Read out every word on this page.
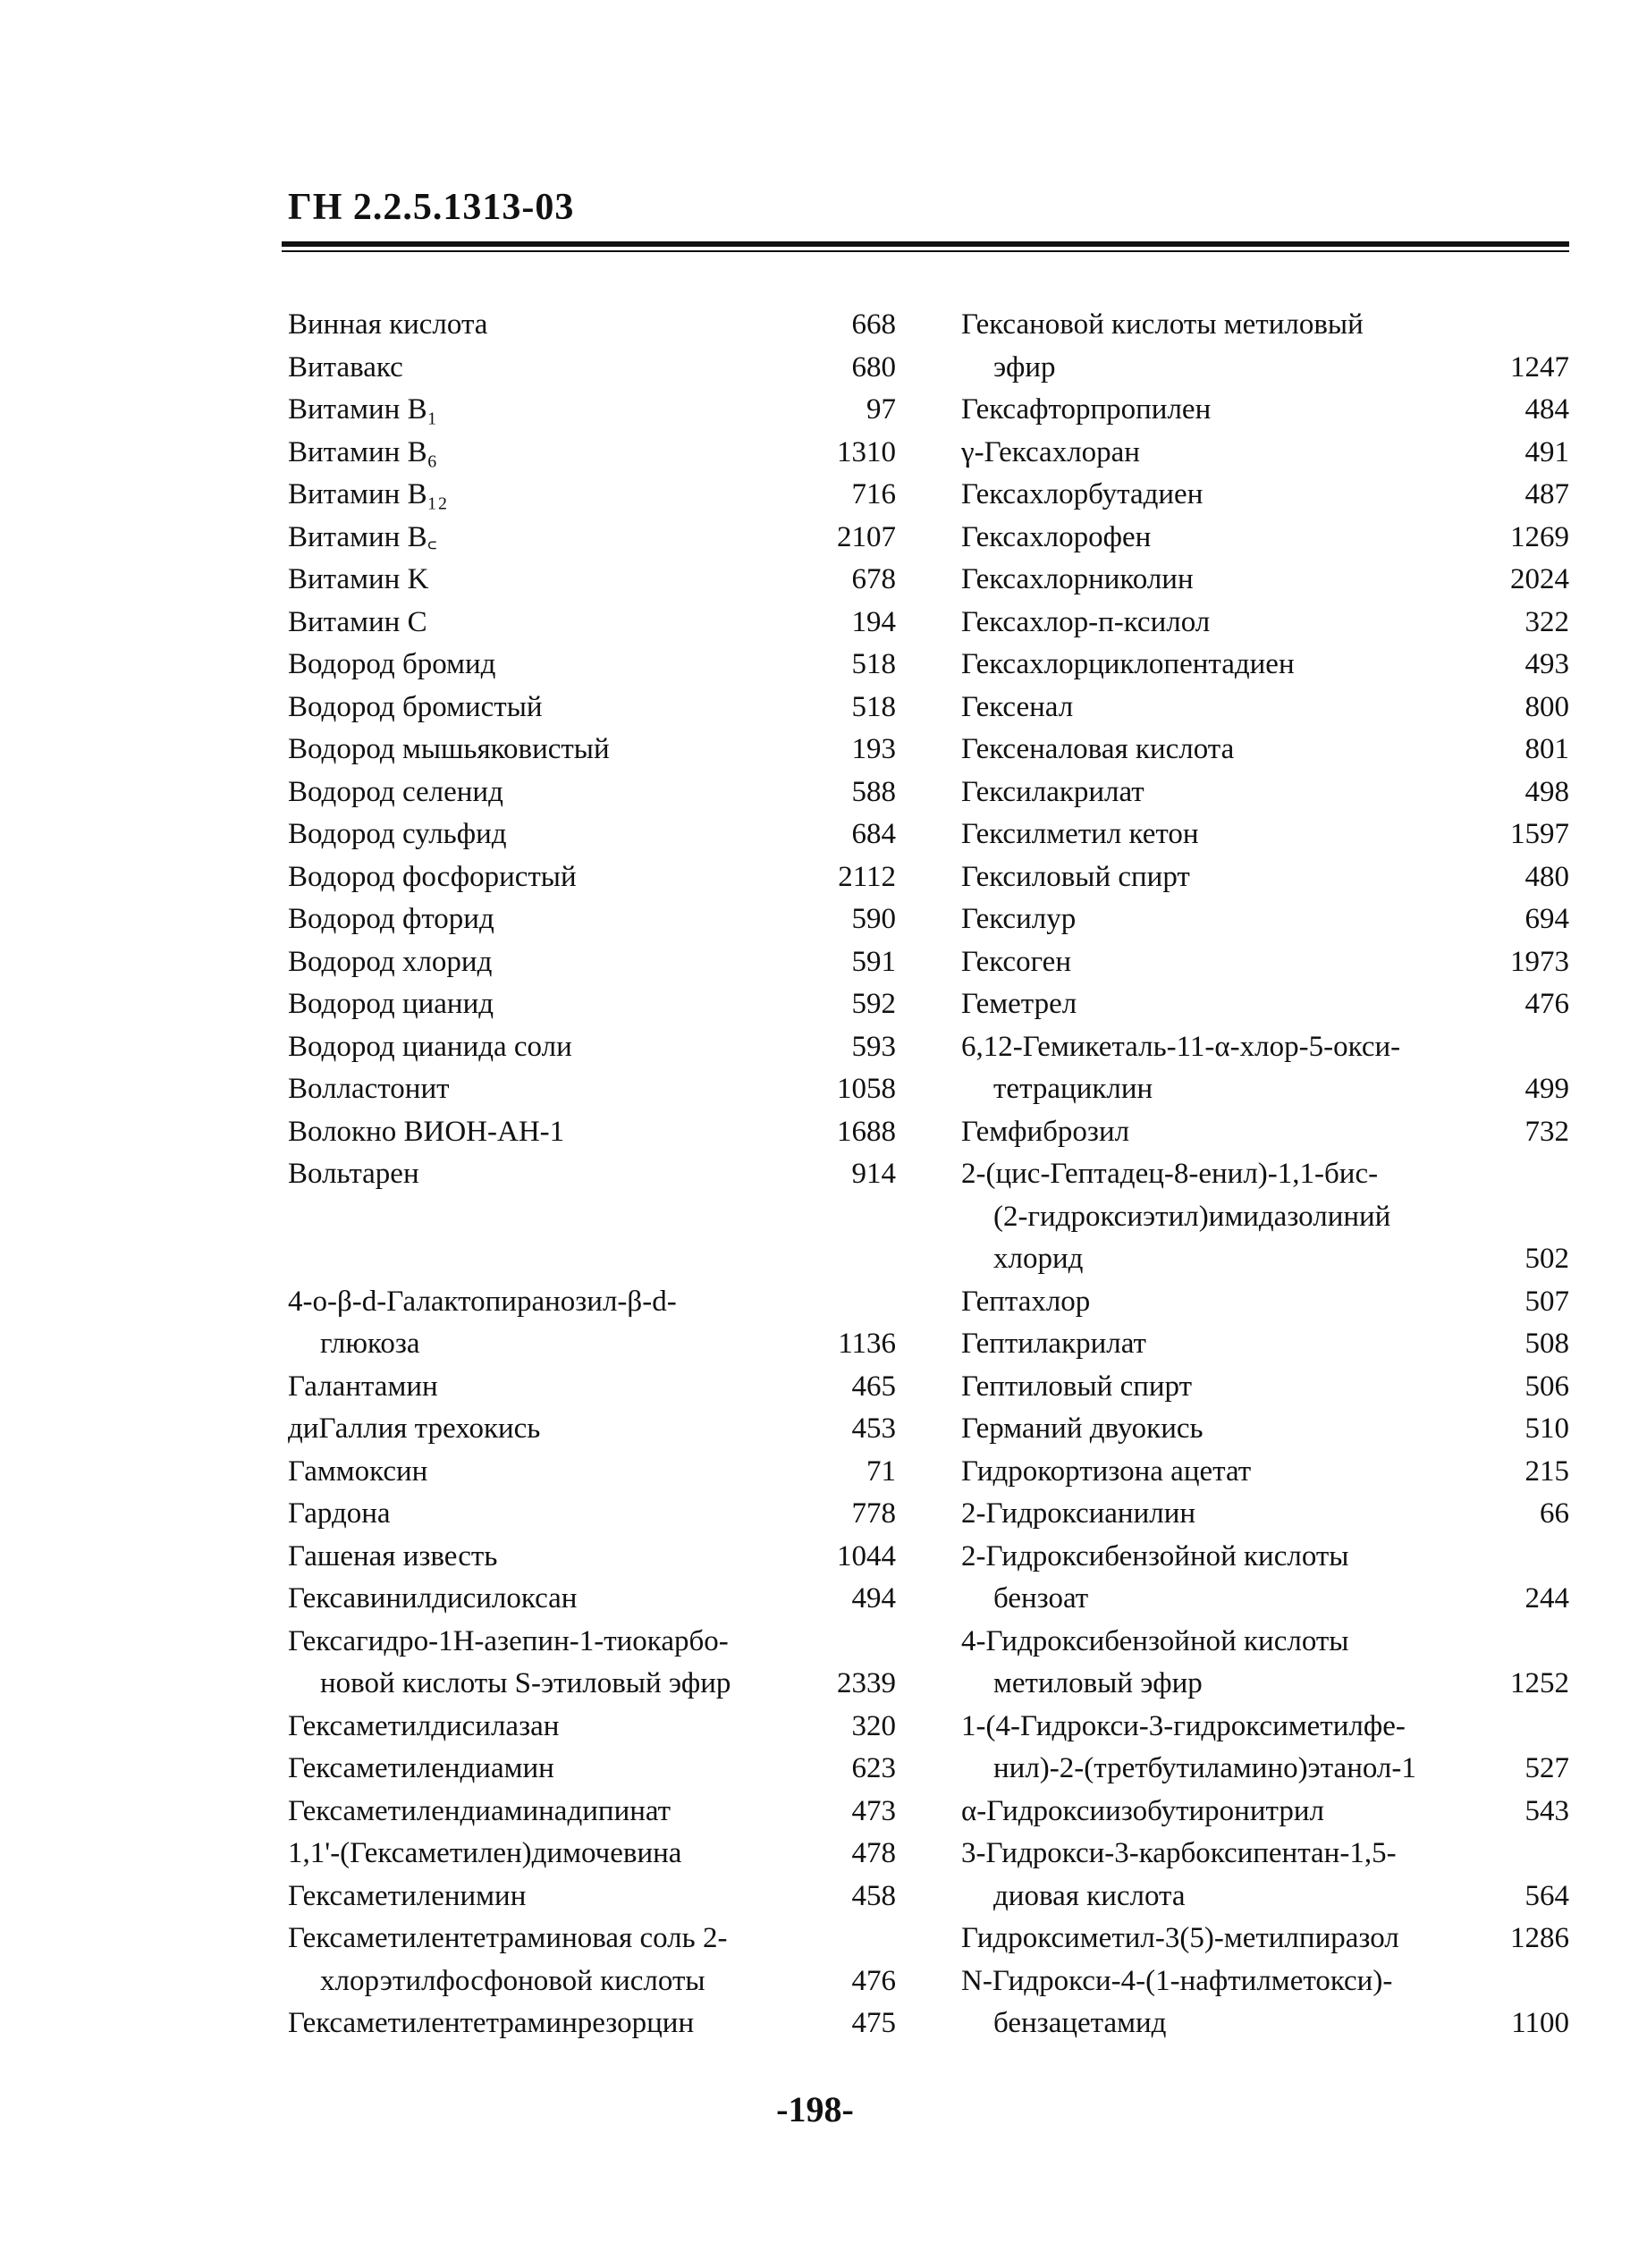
ГН 2.2.5.1313-03
Винная кислота	668
Витавакс	680
Витамин B₁	97
Витамин B₆	1310
Витамин B₁₂	716
Витамин B꜀	2107
Витамин K	678
Витамин C	194
Водород бромид	518
Водород бромистый	518
Водород мышьяковистый	193
Водород селенид	588
Водород сульфид	684
Водород фосфористый	2112
Водород фторид	590
Водород хлорид	591
Водород цианид	592
Водород цианида соли	593
Волластонит	1058
Волокно ВИОН-АН-1	1688
Вольтарен	914
4-о-β-d-Галактопиранозил-β-d-
глюкоза	1136
Галантамин	465
диГаллия трехокись	453
Гаммоксин	71
Гардона	778
Гашеная известь	1044
Гексавинилдисилоксан	494
Гексагидро-1Н-азепин-1-тиокарбо-
новой кислоты S-этиловый эфир	2339
Гексаметилдисилазан	320
Гексаметилендиамин	623
Гексаметилендиаминадипинат	473
1,1'-(Гексаметилен)димочевина	478
Гексаметиленимин	458
Гексаметилентетраминовая соль 2-
хлорэтилфосфоновой кислоты	476
Гексаметилентетраминрезорцин	475
Гексановой кислоты метиловый
эфир	1247
Гексафторпропилен	484
γ-Гексахлоран	491
Гексахлорбутадиен	487
Гексахлорофен	1269
Гексахлорниколин	2024
Гексахлор-п-ксилол	322
Гексахлорциклопентадиен	493
Гексенал	800
Гексеналовая кислота	801
Гексилакрилат	498
Гексилметил кетон	1597
Гексиловый спирт	480
Гексилур	694
Гексоген	1973
Геметрел	476
6,12-Гемикеталь-11-α-хлор-5-окси-
тетрациклин	499
Гемфиброзил	732
2-(цис-Гептадец-8-енил)-1,1-бис-
(2-гидроксиэтил)имидазолиний
хлорид	502
Гептахлор	507
Гептилакрилат	508
Гептиловый спирт	506
Германий двуокись	510
Гидрокортизона ацетат	215
2-Гидроксианилин	66
2-Гидроксибензойной кислоты
бензоат	244
4-Гидроксибензойной кислоты
метиловый эфир	1252
1-(4-Гидрокси-3-гидроксиметилфе-
нил)-2-(третбутиламино)этанол-1	527
α-Гидроксиизобутиронитрил	543
3-Гидрокси-3-карбоксипентан-1,5-
диовая кислота	564
Гидроксиметил-3(5)-метилпиразол	1286
N-Гидрокси-4-(1-нафтилметокси)-
бензацетамид	1100
-198-
